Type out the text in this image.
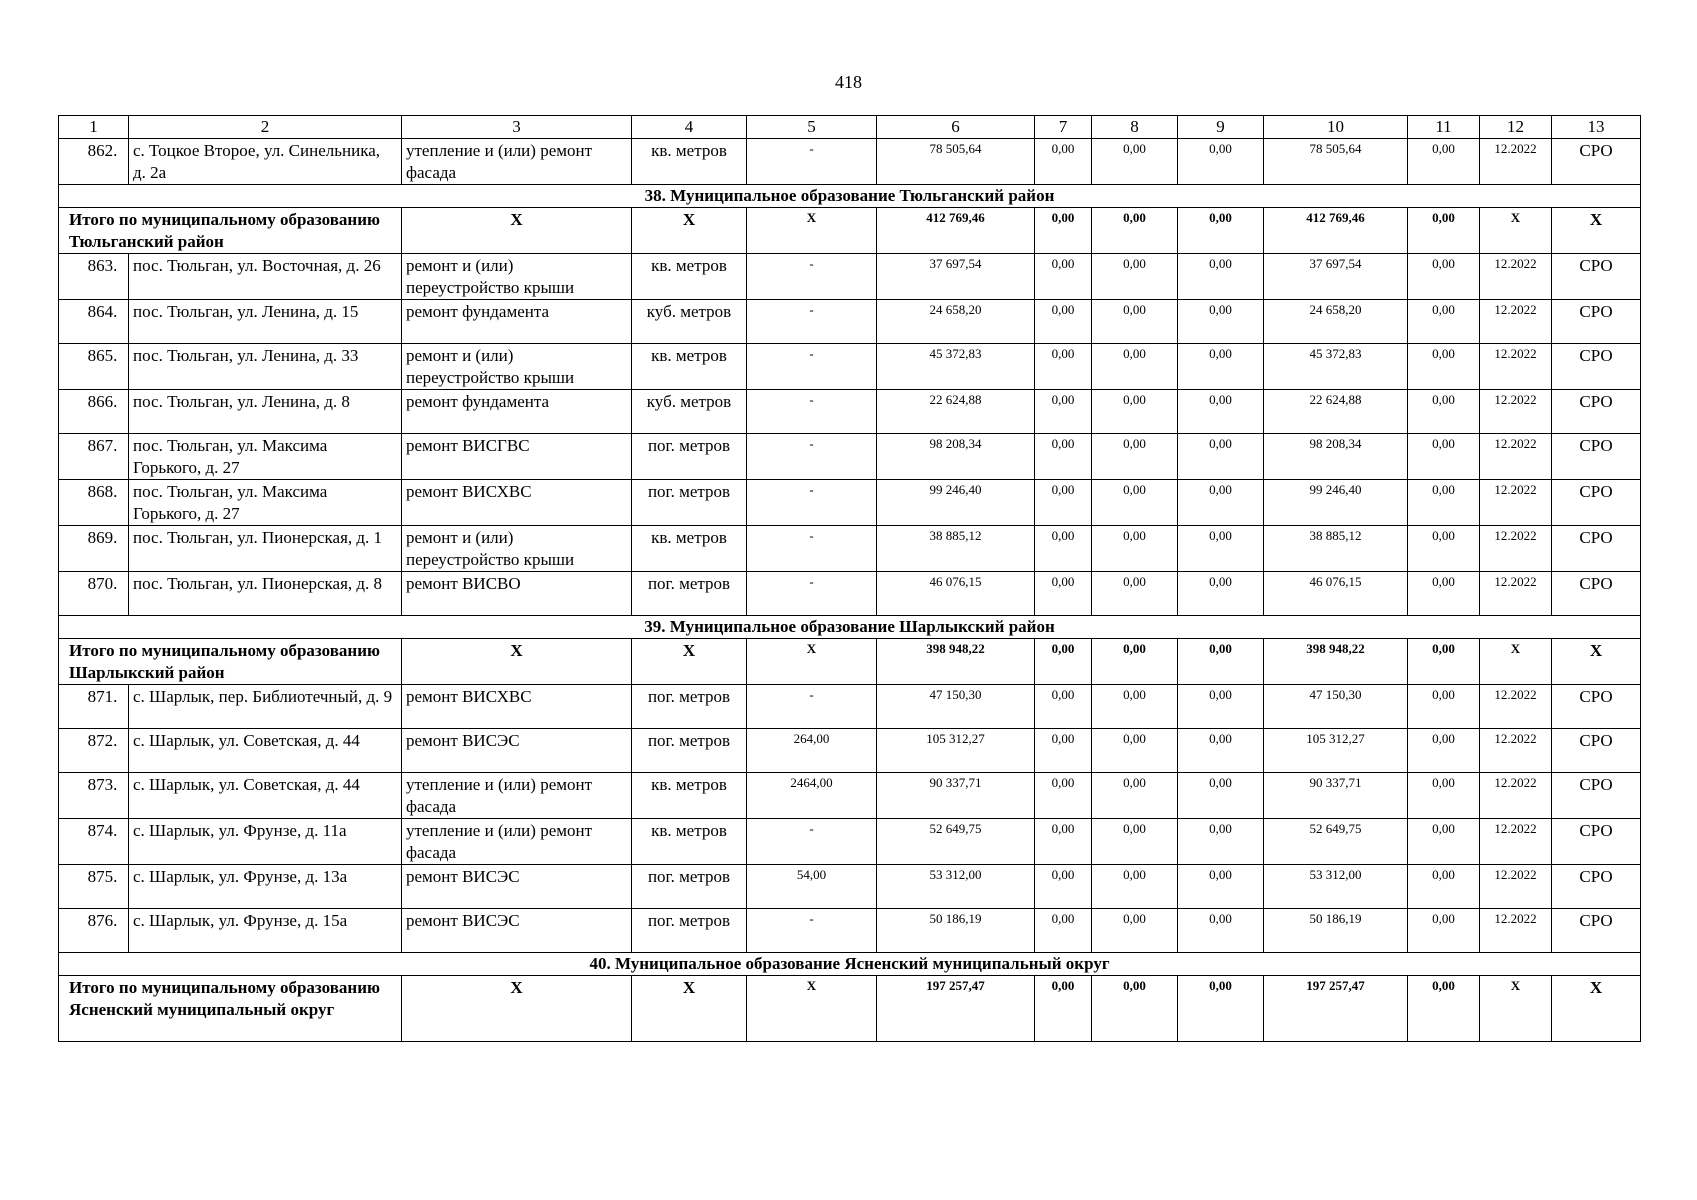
418
1	2	3	4	5	6	7	8	9	10	11	12	13
862.	с. Тоцкое Второе, ул. Синельника, д. 2а	утепление и (или) ремонт фасада	кв. метров	-	78 505,64	0,00	0,00	0,00	78 505,64	0,00	12.2022	СРО
38. Муниципальное образование Тюльганский район												
Итого по муниципальному образованию Тюльганский район		X	X	X	412 769,46	0,00	0,00	0,00	412 769,46	0,00	X	X
863.	пос. Тюльган, ул. Восточная, д. 26	ремонт и (или) переустройство крыши	кв. метров	-	37 697,54	0,00	0,00	0,00	37 697,54	0,00	12.2022	СРО
864.	пос. Тюльган, ул. Ленина, д. 15	ремонт фундамента	куб. метров	-	24 658,20	0,00	0,00	0,00	24 658,20	0,00	12.2022	СРО
865.	пос. Тюльган, ул. Ленина, д. 33	ремонт и (или) переустройство крыши	кв. метров	-	45 372,83	0,00	0,00	0,00	45 372,83	0,00	12.2022	СРО
866.	пос. Тюльган, ул. Ленина, д. 8	ремонт фундамента	куб. метров	-	22 624,88	0,00	0,00	0,00	22 624,88	0,00	12.2022	СРО
867.	пос. Тюльган, ул. Максима Горького, д. 27	ремонт ВИСГВС	пог. метров	-	98 208,34	0,00	0,00	0,00	98 208,34	0,00	12.2022	СРО
868.	пос. Тюльган, ул. Максима Горького, д. 27	ремонт ВИСХВС	пог. метров	-	99 246,40	0,00	0,00	0,00	99 246,40	0,00	12.2022	СРО
869.	пос. Тюльган, ул. Пионерская, д. 1	ремонт и (или) переустройство крыши	кв. метров	-	38 885,12	0,00	0,00	0,00	38 885,12	0,00	12.2022	СРО
870.	пос. Тюльган, ул. Пионерская, д. 8	ремонт ВИСВО	пог. метров	-	46 076,15	0,00	0,00	0,00	46 076,15	0,00	12.2022	СРО
39. Муниципальное образование Шарлыкский район												
Итого по муниципальному образованию Шарлыкский район		X	X	X	398 948,22	0,00	0,00	0,00	398 948,22	0,00	X	X
871.	с. Шарлык, пер. Библиотечный, д. 9	ремонт ВИСХВС	пог. метров	-	47 150,30	0,00	0,00	0,00	47 150,30	0,00	12.2022	СРО
872.	с. Шарлык, ул. Советская, д. 44	ремонт ВИСЭС	пог. метров	264,00	105 312,27	0,00	0,00	0,00	105 312,27	0,00	12.2022	СРО
873.	с. Шарлык, ул. Советская, д. 44	утепление и (или) ремонт фасада	кв. метров	2464,00	90 337,71	0,00	0,00	0,00	90 337,71	0,00	12.2022	СРО
874.	с. Шарлык, ул. Фрунзе, д. 11а	утепление и (или) ремонт фасада	кв. метров	-	52 649,75	0,00	0,00	0,00	52 649,75	0,00	12.2022	СРО
875.	с. Шарлык, ул. Фрунзе, д. 13а	ремонт ВИСЭС	пог. метров	54,00	53 312,00	0,00	0,00	0,00	53 312,00	0,00	12.2022	СРО
876.	с. Шарлык, ул. Фрунзе, д. 15а	ремонт ВИСЭС	пог. метров	-	50 186,19	0,00	0,00	0,00	50 186,19	0,00	12.2022	СРО
40. Муниципальное образование Ясненский муниципальный округ												
Итого по муниципальному образованию Ясненский муниципальный округ		X	X	X	197 257,47	0,00	0,00	0,00	197 257,47	0,00	X	X
